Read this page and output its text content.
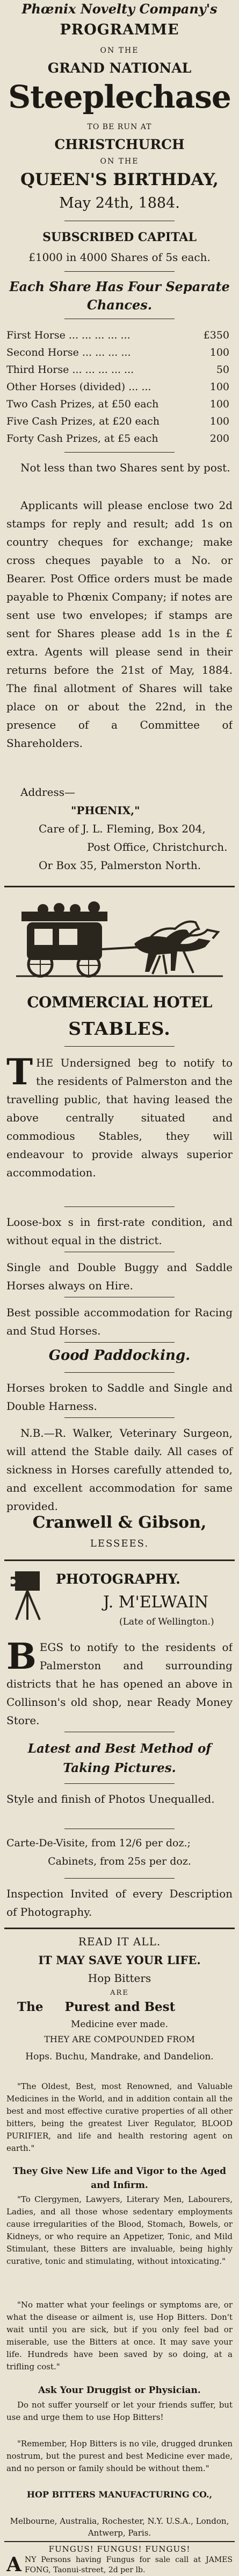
Phœnix Novelty Company's
PROGRAMME
ON THE
GRAND NATIONAL
Steeplechase
TO BE RUN AT
CHRISTCHURCH
ON THE
QUEEN'S BIRTHDAY,
May 24th, 1884.
SUBSCRIBED CAPITAL
£1000 in 4000 Shares of 5s each.
Each Share Has Four Separate
Chances.
First Horse ... ... ... ... ...	£350
Second Horse ... ... ... ...	100
Third Horse ... ... ... ... ...	50
Other Horses (divided) ... ...	100
Two Cash Prizes, at £50 each	100
Five Cash Prizes, at £20 each	100
Forty Cash Prizes, at £5 each	200
Not less than two Shares sent by post.
Applicants will please enclose two 2d stamps for reply and result; add 1s on country cheques for exchange; make cross cheques payable to a No. or Bearer. Post Office orders must be made payable to Phœnix Company; if notes are sent use two envelopes; if stamps are sent for Shares please add 1s in the £ extra. Agents will please send in their returns before the 21st of May, 1884. The final allotment of Shares will take place on or about the 22nd, in the presence of a Committee of Shareholders.
Address—
"PHŒNIX,"
Care of J. L. Fleming, Box 204,
Post Office, Christchurch.
Or Box 35, Palmerston North.
COMMERCIAL HOTEL
STABLES.
THE Undersigned beg to notify to the residents of Palmerston and the travelling public, that having leased the above centrally situated and commodious Stables, they will endeavour to provide always superior accommodation.
Loose-box s in first-rate condition, and without equal in the district.
Single and Double Buggy and Saddle Horses always on Hire.
Best possible accommodation for Racing and Stud Horses.
Good Paddocking.
Horses broken to Saddle and Single and Double Harness.
N.B.—R. Walker, Veterinary Surgeon, will attend the Stable daily. All cases of sickness in Horses carefully attended to, and excellent accommodation for same provided.
Cranwell & Gibson,
LESSEES.
PHOTOGRAPHY.
J. M'ELWAIN
(Late of Wellington.)
BEGS to notify to the residents of Palmerston and surrounding districts that he has opened an above in Collinson's old shop, near Ready Money Store.
Latest and Best Method of Taking Pictures.
Style and finish of Photos Unequalled.
Carte-De-Visite, from 12/6 per doz.;
Cabinets, from 25s per doz.
Inspection Invited of every Description of Photography.
READ IT ALL.
IT MAY SAVE YOUR LIFE.
Hop Bitters
ARE
The Purest and Best
Medicine ever made.
THEY ARE COMPOUNDED FROM
Hops. Buchu, Mandrake, and Dandelion.
"The Oldest, Best, most Renowned, and Valuable Medicines in the World, and in addition contain all the best and most effective curative properties of all other bitters, being the greatest Liver Regulator, BLOOD PURIFIER, and life and health restoring agent on earth."
They Give New Life and Vigor to the Aged and Infirm.
"To Clergymen, Lawyers, Literary Men, Labourers, Ladies, and all those whose sedentary employments cause irregularities of the Blood, Stomach, Bowels, or Kidneys, or who require an Appetizer, Tonic, and Mild Stimulant, these Bitters are invaluable, being highly curative, tonic and stimulating, without intoxicating."
"No matter what your feelings or symptoms are, or what the disease or ailment is, use Hop Bitters. Don't wait until you are sick, but if you only feel bad or miserable, use the Bitters at once. It may save your life. Hundreds have been saved by so doing, at a trifling cost."
Ask Your Druggist or Physician.
Do not suffer yourself or let your friends suffer, but use and urge them to use Hop Bitters!
"Remember, Hop Bitters is no vile, drugged drunken nostrum, but the purest and best Medicine ever made, and no person or family should be without them."
HOP BITTERS MANUFACTURING CO.,
Melbourne, Australia, Rochester, N.Y. U.S.A., London, Antwerp, Paris.
FUNGUS! FUNGUS! FUNGUS!
ANY Persons having Fungus for sale call at JAMES FONG, Taonui-street, 2d per lb.
